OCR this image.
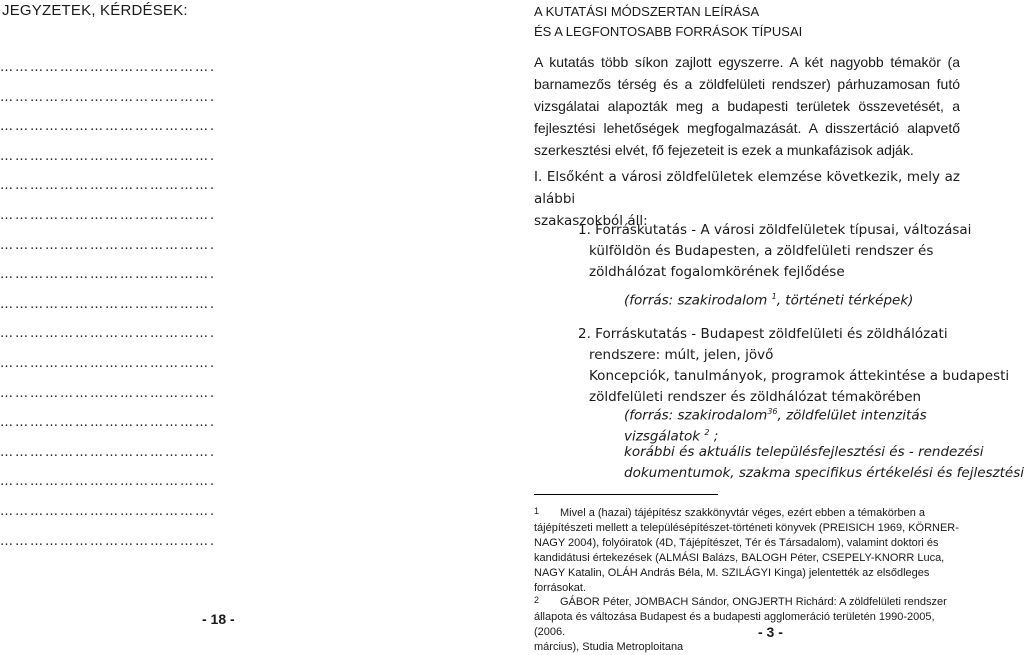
JEGYZETEK, KÉRDÉSEK:
…………………………………….
…………………………………….
…………………………………….
…………………………………….
…………………………………….
…………………………………….
…………………………………….
…………………………………….
…………………………………….
…………………………………….
…………………………………….
…………………………………….
…………………………………….
…………………………………….
…………………………………….
…………………………………….
…………………………………….
- 18 -
A KUTATÁSI MÓDSZERTAN LEÍRÁSA
ÉS A LEGFONTOSABB FORRÁSOK TÍPUSAI
A kutatás több síkon zajlott egyszerre. A két nagyobb témakör (a
barnamezős térség és a zöldfelületi rendszer) párhuzamosan futó
vizsgálatai alapozták meg a budapesti területek összevetését, a
fejlesztési lehetőségek megfogalmazását. A disszertáció alapvető
szerkesztési elvét, fő fejezeteit is ezek a munkafázisok adják.
I. Elsőként a városi zöldfelületek elemzése következik, mely az alábbi
szakaszokból áll:
1. Forráskutatás - A városi zöldfelületek típusai, változásai
külföldön és Budapesten, a zöldfelületi rendszer és
zöldhálózat fogalomkörének fejlődése
(forrás: szakirodalom $^1$, történeti térképek)
2. Forráskutatás - Budapest zöldfelületi és zöldhálózati
rendszere: múlt, jelen, jövő
Koncepciók, tanulmányok, programok áttekintése a budapesti
zöldfelületi rendszer és zöldhálózat témakörében
(forrás: szakirodalom$^{36}$, zöldfelület intenzitás
vizsgálatok $^2$ ;
korábbi és aktuális településfejlesztési és - rendezési
dokumentumok, szakma specifikus értékelési és fejlesztési
1 Mivel a (hazai) tájépítész szakkönyvtár véges, ezért ebben a témakörben a
tájépítészeti mellett a településépítészet-történeti könyvek (PREISICH 1969, KÖRNER-
NAGY 2004), folyóiratok (4D, Tájépítészet, Tér és Társadalom), valamint doktori és
kandidátusi értekezések (ALMÁSI Balázs, BALOGH Péter, CSEPELY-KNORR Luca,
NAGY Katalin, OLÁH András Béla, M. SZILÁGYI Kinga) jelentették az elsődleges
forrásokat.
2 GÁBOR Péter, JOMBACH Sándor, ONGJERTH Richárd: A zöldfelületi rendszer
állapota és változása Budapest és a budapesti agglomeráció területén 1990-2005, (2006.
március), Studia Metroploitana
- 3 -
